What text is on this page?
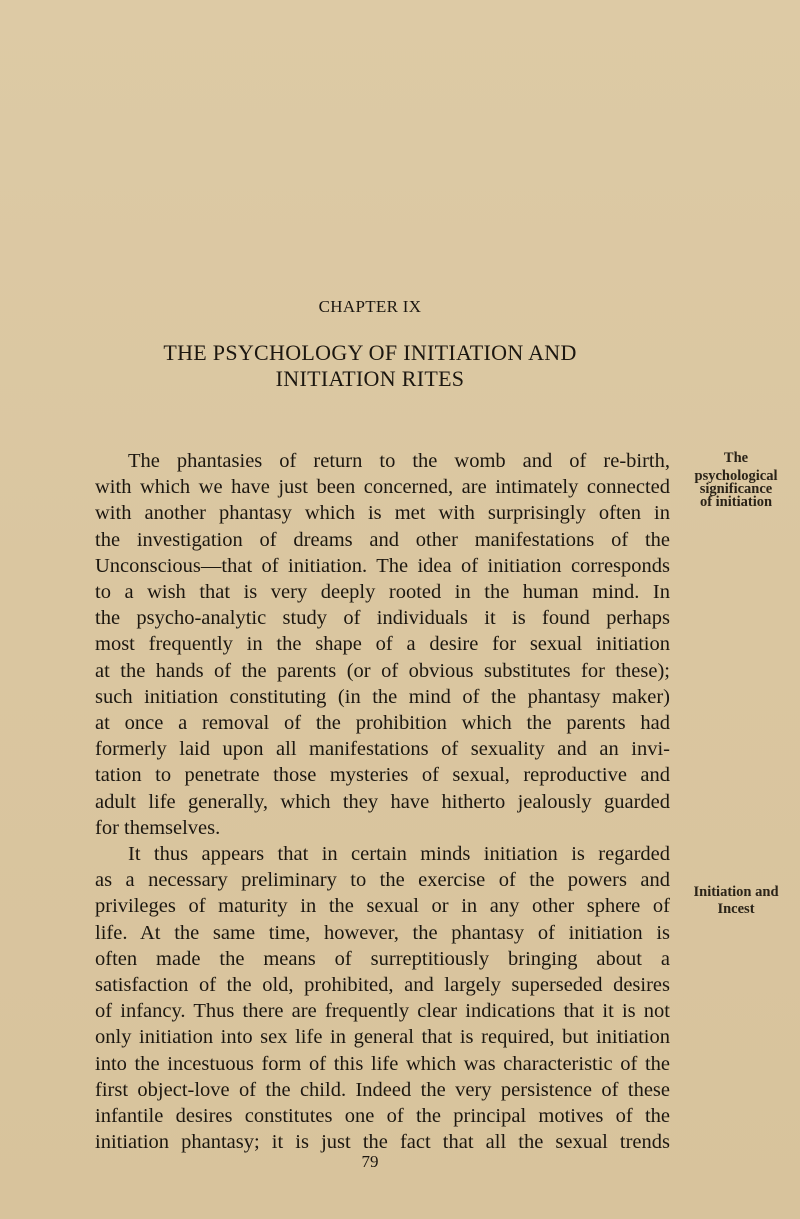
CHAPTER IX
THE PSYCHOLOGY OF INITIATION AND
INITIATION RITES
The phantasies of return to the womb and of re-birth,
with which we have just been concerned, are intimately connected
with another phantasy which is met with surprisingly often in
the investigation of dreams and other manifestations of the
Unconscious—that of initiation. The idea of initiation corresponds
to a wish that is very deeply rooted in the human mind. In
the psycho-analytic study of individuals it is found perhaps
most frequently in the shape of a desire for sexual initiation
at the hands of the parents (or of obvious substitutes for these);
such initiation constituting (in the mind of the phantasy maker)
at once a removal of the prohibition which the parents had
formerly laid upon all manifestations of sexuality and an invi-
tation to penetrate those mysteries of sexual, reproductive and
adult life generally, which they have hitherto jealously guarded
for themselves.
It thus appears that in certain minds initiation is regarded
as a necessary preliminary to the exercise of the powers and
privileges of maturity in the sexual or in any other sphere of
life. At the same time, however, the phantasy of initiation is
often made the means of surreptitiously bringing about a
satisfaction of the old, prohibited, and largely superseded desires
of infancy. Thus there are frequently clear indications that it is not
only initiation into sex life in general that is required, but initiation
into the incestuous form of this life which was characteristic of the
first object-love of the child. Indeed the very persistence of these
infantile desires constitutes one of the principal motives of the
initiation phantasy; it is just the fact that all the sexual trends
The
psychological
significance
of initiation
Initiation and
Incest
79
